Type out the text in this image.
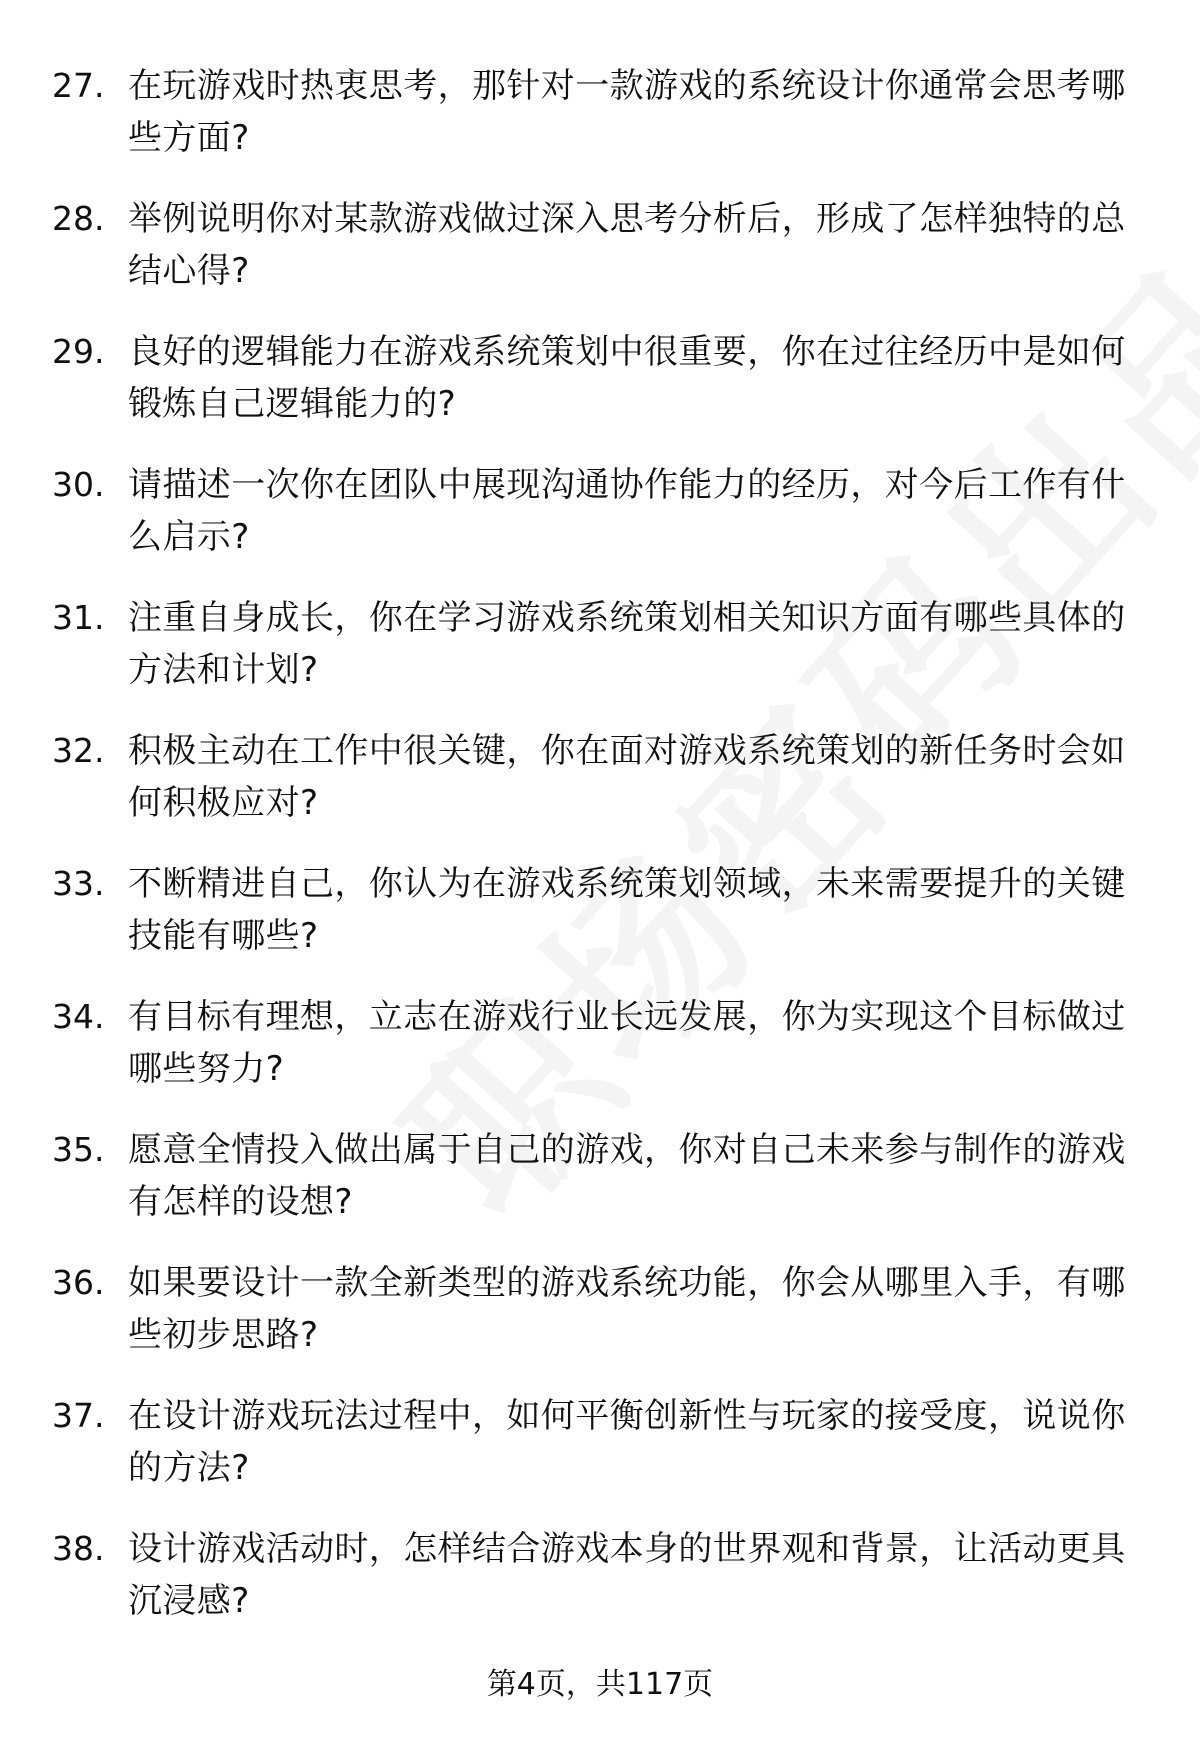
27. 在玩游戏时热衷思考，那针对一款游戏的系统设计你通常会思考哪些方面?
28. 举例说明你对某款游戏做过深入思考分析后，形成了怎样独特的总结心得?
29. 良好的逻辑能力在游戏系统策划中很重要，你在过往经历中是如何锻炼自己逻辑能力的?
30. 请描述一次你在团队中展现沟通协作能力的经历，对今后工作有什么启示?
31. 注重自身成长，你在学习游戏系统策划相关知识方面有哪些具体的方法和计划?
32. 积极主动在工作中很关键，你在面对游戏系统策划的新任务时会如何积极应对?
33. 不断精进自己，你认为在游戏系统策划领域，未来需要提升的关键技能有哪些?
34. 有目标有理想，立志在游戏行业长远发展，你为实现这个目标做过哪些努力?
35. 愿意全情投入做出属于自己的游戏，你对自己未来参与制作的游戏有怎样的设想?
36. 如果要设计一款全新类型的游戏系统功能，你会从哪里入手，有哪些初步思路?
37. 在设计游戏玩法过程中，如何平衡创新性与玩家的接受度，说说你的方法?
38. 设计游戏活动时，怎样结合游戏本身的世界观和背景，让活动更具沉浸感?
第4页，共117页
